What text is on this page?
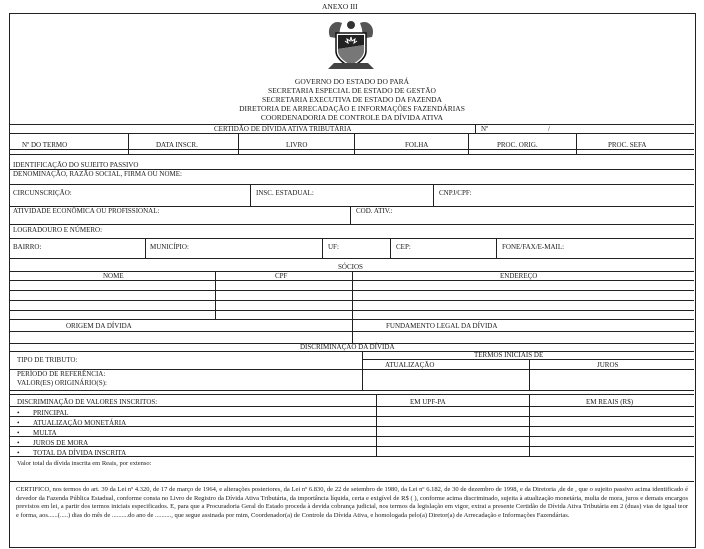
ANEXO III
GOVERNO DO ESTADO DO PARÁ
SECRETARIA ESPECIAL DE ESTADO DE GESTÃO
SECRETARIA EXECUTIVA DE ESTADO DA FAZENDA
DIRETORIA DE ARRECADAÇÃO E INFORMAÇÕES FAZENDÁRIAS
COORDENADORIA DE CONTROLE DA DÍVIDA ATIVA
CERTIDÃO DE DÍVIDA ATIVA TRIBUTÁRIA	Nº	/
Nº DO TERMO	DATA INSCR.	LIVRO	FOLHA	PROC. ORIG.	PROC. SEFA
IDENTIFICAÇÃO DO SUJEITO PASSIVO
DENOMINAÇÃO, RAZÃO SOCIAL, FIRMA OU NOME:
CIRCUNSCRIÇÃO:	INSC. ESTADUAL:	CNPJ/CPF:
ATIVIDADE ECONÔMICA OU PROFISSIONAL:	COD. ATIV.:
LOGRADOURO E NÚMERO:
BAIRRO:	MUNICÍPIO:	UF:	CEP:	FONE/FAX/E-MAIL:
SÓCIOS
NOME	CPF	ENDEREÇO
ORIGEM DA DÍVIDA	FUNDAMENTO LEGAL DA DÍVIDA
DISCRIMINAÇÃO DA DÍVIDA
TERMOS INICIAIS DE
TIPO DE TRIBUTO:
ATUALIZAÇÃO	JUROS
PERÍODO DE REFERÊNCIA:
VALOR(ES) ORIGINÁRIO(S):
DISCRIMINAÇÃO DE VALORES INSCRITOS:	EM UPF-PA	EM REAIS (R$)
• PRINCIPAL
• ATUALIZAÇÃO MONETÁRIA
• MULTA
• JUROS DE MORA
• TOTAL DA DÍVIDA INSCRITA
Valor total da dívida inscrita em Reais, por extenso:
CERTIFICO, nos termos do art. 39 da Lei nº 4.320, de 17 de março de 1964, e alterações posteriores, da Lei nº 6.830, de 22 de setembro de 1980, da Lei nº 6.182, de 30 de dezembro de 1998, e da Diretoria ,de de , que o sujeito passivo acima identificado é devedor da Fazenda Pública Estadual, conforme consta no Livro de Registro da Dívida Ativa Tributária, da importância líquida, certa e exigível de R$ ( ), conforme acima discriminado, sujeita à atualização monetária, multa de mora, juros e demais encargos previstos em lei, a partir dos termos iniciais especificados. E, para que a Procuradoria Geral do Estado proceda à devida cobrança judicial, nos termos da legislação em vigor, extrai a presente Certidão de Dívida Ativa Tributária em 2 (duas) vias de igual teor e forma, aos......(.....) dias do mês de ..........do ano de .........., que segue assinada por mim, Coordenador(a) de Controle da Dívida Ativa, e homologada pelo(a) Diretor(a) de Arrecadação e Informações Fazendárias.
